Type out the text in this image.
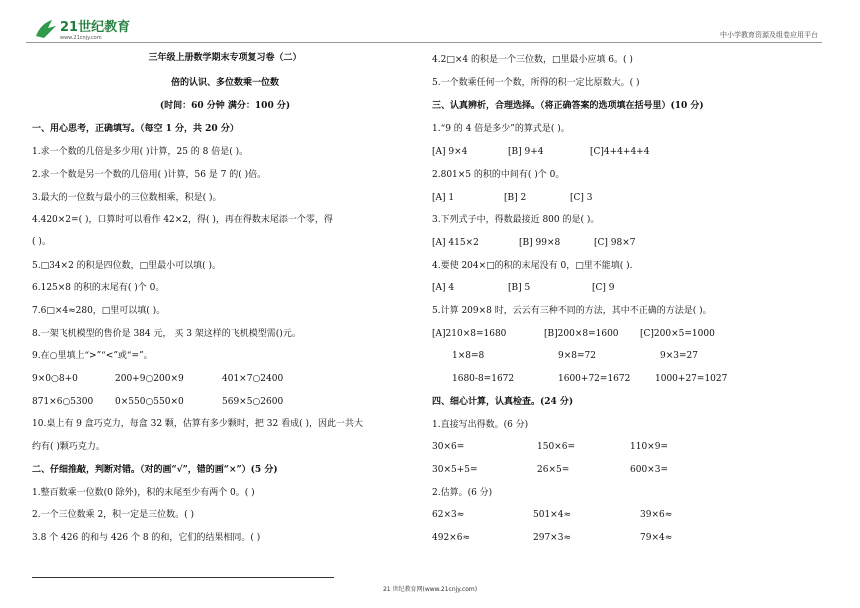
21世纪教育
www.21cnjy.com	中小学教育资源及组卷应用平台
三年级上册数学期末专项复习卷（二）
倍的认识、多位数乘一位数
(时间：60 分钟 满分：100 分)
一、用心思考，正确填写。（每空 1 分，共 20 分）
1.求一个数的几倍是多少用( )计算，25 的 8 倍是( )。
2.求一个数是另一个数的几倍用( )计算，56 是 7 的( )倍。
3.最大的一位数与最小的三位数相乘，积是( )。
4.420×2=( )，口算时可以看作 42×2，得( )，再在得数末尾添一个零，得
( )。
5.□34×2 的积是四位数，□里最小可以填( )。
6.125×8 的积的末尾有( )个 0。
7.6□×4≈280，□里可以填( )。
8.一架飞机模型的售价是 384 元， 买 3 架这样的飞机模型需()元。
9.在○里填上“>”“<”或“=”。
9×0○8+0	200+9○200×9	401×7○2400
871×6○5300 0×550○550×0	569×5○2600
10.桌上有 9 盒巧克力，每盒 32 颗，估算有多少颗时，把 32 看成( )，因此一共大
约有( )颗巧克力。
二、仔细推敲，判断对错。（对的画“√”，错的画“×”）(5 分)
1.整百数乘一位数(0 除外)，积的末尾至少有两个 0。( )
2.一个三位数乘 2，积一定是三位数。( )
3.8 个 426 的和与 426 个 8 的和，它们的结果相同。( )
4.2□×4 的积是一个三位数，□里最小应填 6。( )
5.一个数乘任何一个数，所得的积一定比原数大。( )
三、认真辨析，合理选择。（将正确答案的选项填在括号里）(10 分)
1.“9 的 4 倍是多少”的算式是( )。
[A] 9×4	[B] 9+4	[C]4+4+4+4
2.801×5 的积的中间有( )个 0。
[A] 1	[B] 2	[C] 3
3.下列式子中，得数最接近 800 的是( )。
[A] 415×2	[B] 99×8	[C] 98×7
4.要使 204×□的积的末尾没有 0，□里不能填( ).
[A] 4	[B] 5	[C] 9
5.计算 209×8 时，云云有三种不同的方法，其中不正确的方法是( )。
[A]210×8=1680	[B]200×8=1600 [C]200×5=1000
1×8=8	9×8=72	9×3=27
1680-8=1672	1600+72=1672	1000+27=1027
四、细心计算，认真检查。(24 分)
1.直接写出得数。(6 分)
30×6=	150×6=	110×9=
30×5+5=	26×5=	600×3=
2.估算。(6 分)
62×3≈	501×4≈	39×6≈
492×6≈	297×3≈	79×4≈
21 世纪教育网(www.21cnjy.com)
